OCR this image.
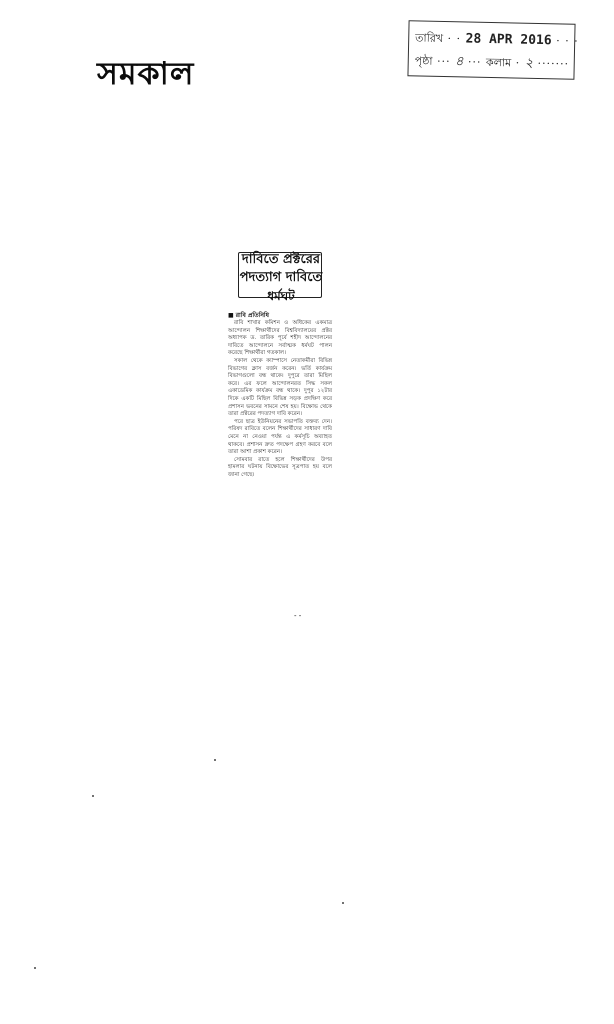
সমকাল
তারিখ · · 28 APR 2016 · · ·
পৃষ্ঠা ··· ৪ ··· কলাম · ২ ·······
দাবিতে প্রক্টরের পদত্যাগ দাবিতে
ধর্মঘট
■ রাবি প্রতিনিধি

রাবি শাখার কমিশন ও অধিকের একমাত্র আন্দোলন শিক্ষার্থীদের বিশ্ববিদ্যালয়ের প্রক্টর অধ্যাপক ড. তারিক পূর্বে শহীদ আন্দোলনের দাবিতে আন্দোলনে সর্বাত্মক ধর্মঘট পালন করেছে শিক্ষার্থীরা গতকাল।

সকাল থেকে ক্যাম্পাসে নেতাকর্মীরা বিভিন্ন বিভাগের ক্লাস বর্জন করেন। ভর্তি কার্যক্রম বিভাগগুলো বন্ধ থাকে। দুপুরে তারা মিছিল করে। এর ফলে আন্দোলনরত সিদ্ধ সকল একাডেমিক কার্যক্রম বন্ধ থাকে। দুপুর ১২টার দিকে একটি মিছিল বিভিন্ন সড়ক প্রদক্ষিণ করে প্রশাসন ভবনের সামনে শেষ হয়। বিক্ষোভ থেকে তারা প্রক্টরের পদত্যাগ দাবি করেন।

পরে ছাত্র ইউনিয়নের সভাপতি বক্তব্য দেন। পরিষদ রাবিতে বলেন শিক্ষার্থীদের সাধারণ দাবি মেনে না নেওয়া পর্যন্ত এ কর্মসূচি অব্যাহত থাকবে। প্রশাসন দ্রুত পদক্ষেপ গ্রহণ করবে বলে তারা আশা প্রকাশ করেন।

সোমবার রাতে হলে শিক্ষার্থীদের উপর হামলার ঘটনায় বিক্ষোভের সূত্রপাত হয় বলে জানা গেছে।

- -
